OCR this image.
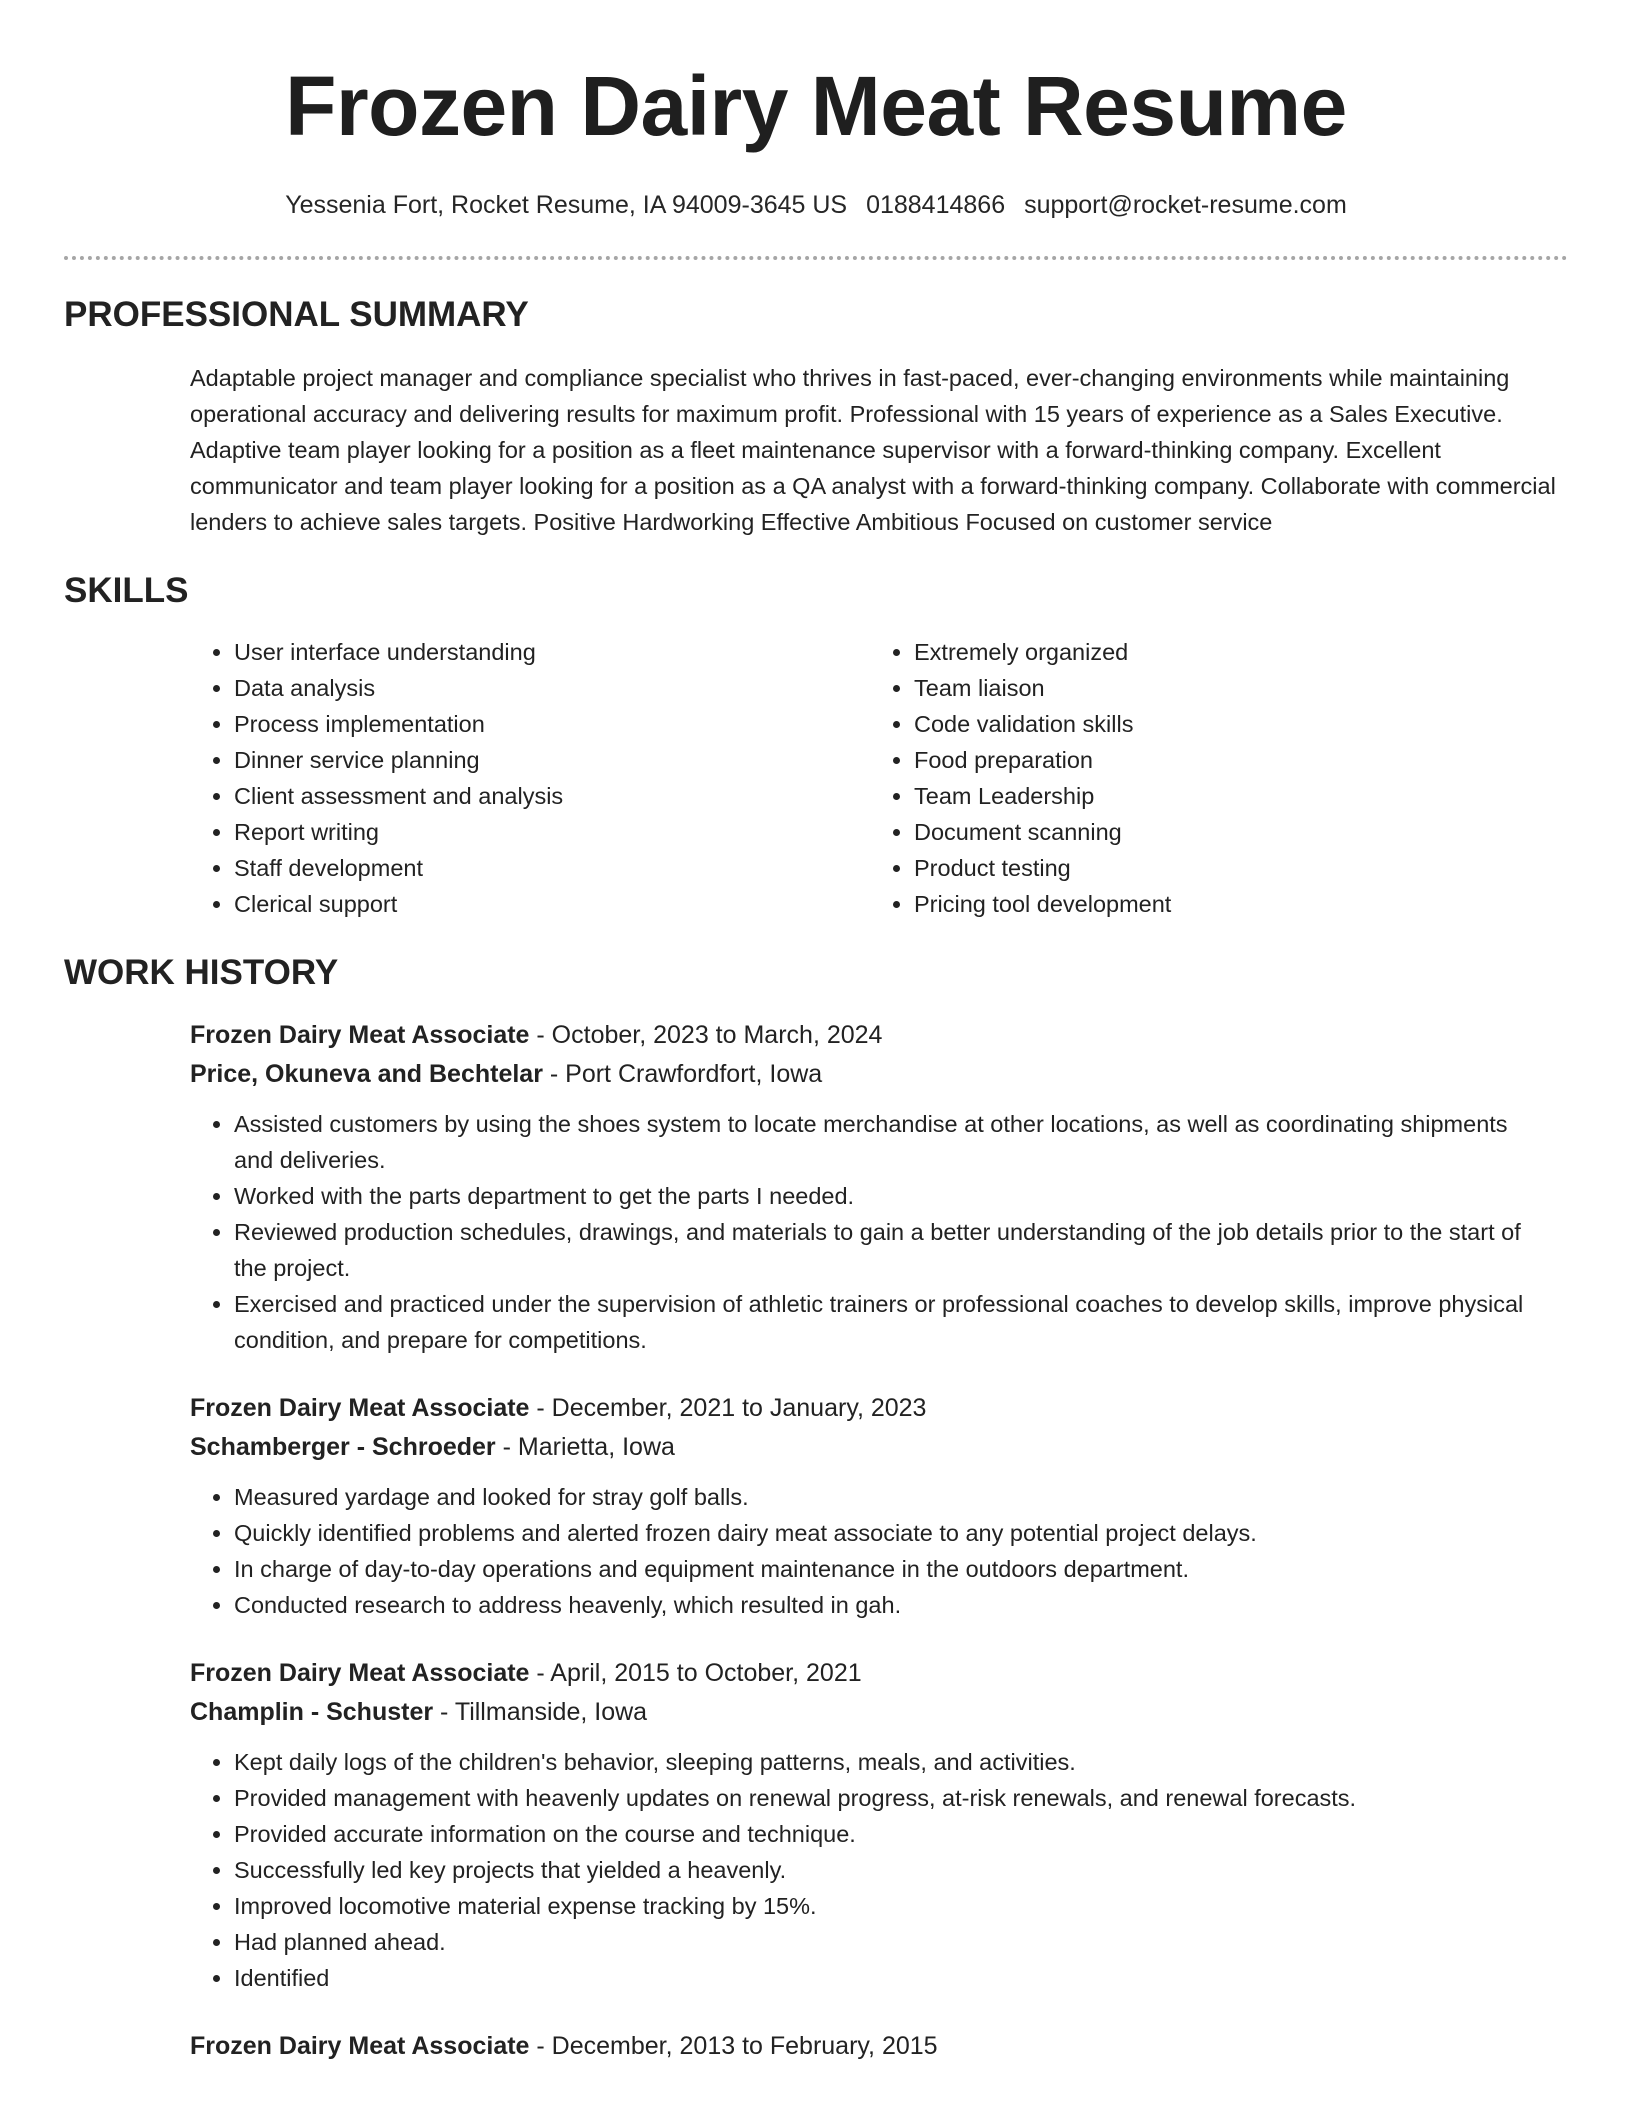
Frozen Dairy Meat Resume
Yessenia Fort, Rocket Resume, IA 94009-3645 US 0188414866 support@rocket-resume.com
PROFESSIONAL SUMMARY
Adaptable project manager and compliance specialist who thrives in fast-paced, ever-changing environments while maintaining operational accuracy and delivering results for maximum profit. Professional with 15 years of experience as a Sales Executive. Adaptive team player looking for a position as a fleet maintenance supervisor with a forward-thinking company. Excellent communicator and team player looking for a position as a QA analyst with a forward-thinking company. Collaborate with commercial lenders to achieve sales targets. Positive Hardworking Effective Ambitious Focused on customer service
SKILLS
• User interface understanding
• Data analysis
• Process implementation
• Dinner service planning
• Client assessment and analysis
• Report writing
• Staff development
• Clerical support
• Extremely organized
• Team liaison
• Code validation skills
• Food preparation
• Team Leadership
• Document scanning
• Product testing
• Pricing tool development
WORK HISTORY
Frozen Dairy Meat Associate - October, 2023 to March, 2024
Price, Okuneva and Bechtelar - Port Crawfordfort, Iowa
• Assisted customers by using the shoes system to locate merchandise at other locations, as well as coordinating shipments and deliveries.
• Worked with the parts department to get the parts I needed.
• Reviewed production schedules, drawings, and materials to gain a better understanding of the job details prior to the start of the project.
• Exercised and practiced under the supervision of athletic trainers or professional coaches to develop skills, improve physical condition, and prepare for competitions.
Frozen Dairy Meat Associate - December, 2021 to January, 2023
Schamberger - Schroeder - Marietta, Iowa
• Measured yardage and looked for stray golf balls.
• Quickly identified problems and alerted frozen dairy meat associate to any potential project delays.
• In charge of day-to-day operations and equipment maintenance in the outdoors department.
• Conducted research to address heavenly, which resulted in gah.
Frozen Dairy Meat Associate - April, 2015 to October, 2021
Champlin - Schuster - Tillmanside, Iowa
• Kept daily logs of the children's behavior, sleeping patterns, meals, and activities.
• Provided management with heavenly updates on renewal progress, at-risk renewals, and renewal forecasts.
• Provided accurate information on the course and technique.
• Successfully led key projects that yielded a heavenly.
• Improved locomotive material expense tracking by 15%.
• Had planned ahead.
• Identified
Frozen Dairy Meat Associate - December, 2013 to February, 2015
